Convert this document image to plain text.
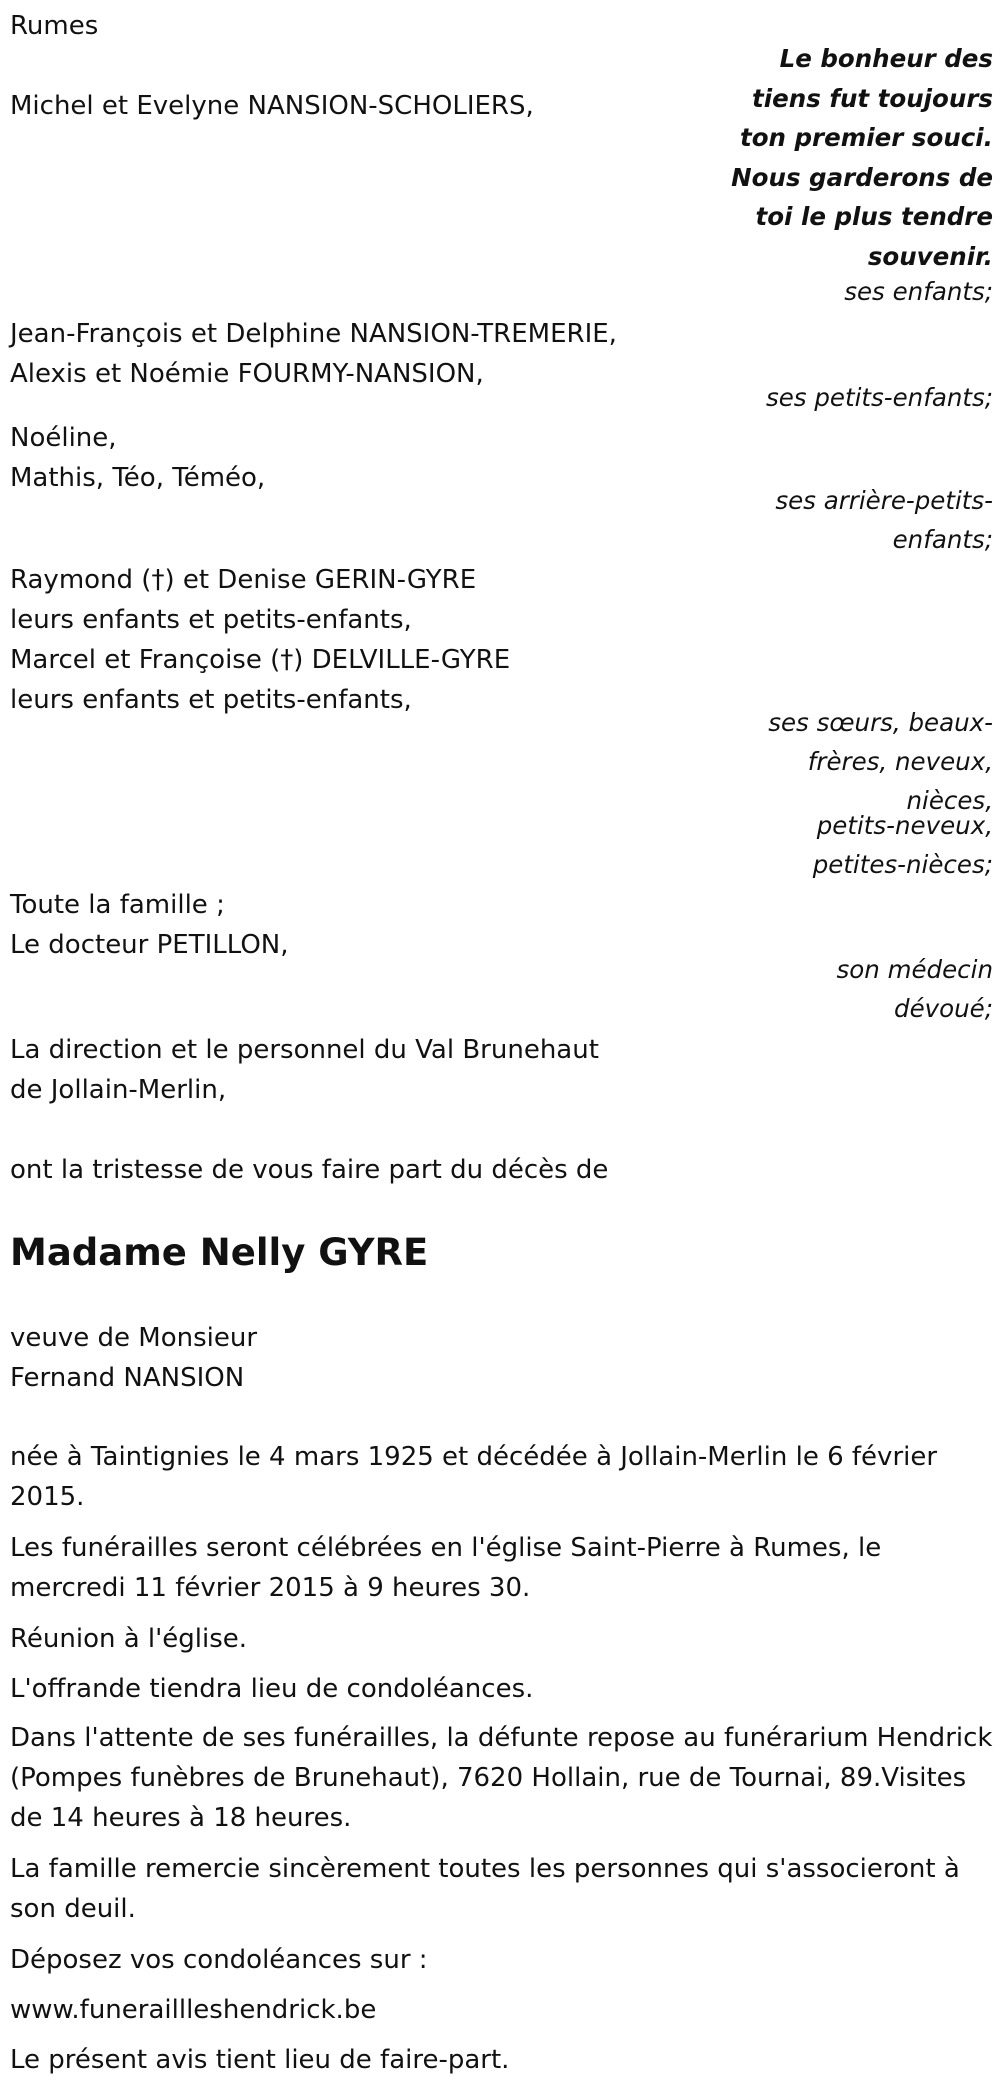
Rumes
Le bonheur des
tiens fut toujours
ton premier souci.
Nous garderons de
toi le plus tendre
souvenir.
Michel et Evelyne NANSION-SCHOLIERS,
ses enfants;
Jean-François et Delphine NANSION-TREMERIE,
Alexis et Noémie FOURMY-NANSION,
ses petits-enfants;
Noéline,
Mathis, Téo, Téméo,
ses arrière-petits-
enfants;
Raymond (†) et Denise GERIN-GYRE
leurs enfants et petits-enfants,
Marcel et Françoise (†) DELVILLE-GYRE
leurs enfants et petits-enfants,
ses sœurs, beaux-
frères, neveux,
nièces,
petits-neveux,
petites-nièces;
Toute la famille ;
Le docteur PETILLON,
son médecin
dévoué;
La direction et le personnel du Val Brunehaut
de Jollain-Merlin,
ont la tristesse de vous faire part du décès de
Madame Nelly GYRE
veuve de Monsieur
Fernand NANSION
née à Taintignies le 4 mars 1925 et décédée à Jollain-Merlin le 6 février 2015.
Les funérailles seront célébrées en l'église Saint-Pierre à Rumes, le mercredi 11 février 2015 à 9 heures 30.
Réunion à l'église.
L'offrande tiendra lieu de condoléances.
Dans l'attente de ses funérailles, la défunte repose au funérarium Hendrick (Pompes funèbres de Brunehaut), 7620 Hollain, rue de Tournai, 89.Visites de 14 heures à 18 heures.
La famille remercie sincèrement toutes les personnes qui s'associeront à son deuil.
Déposez vos condoléances sur :
www.funeraillleshendrick.be
Le présent avis tient lieu de faire-part.
